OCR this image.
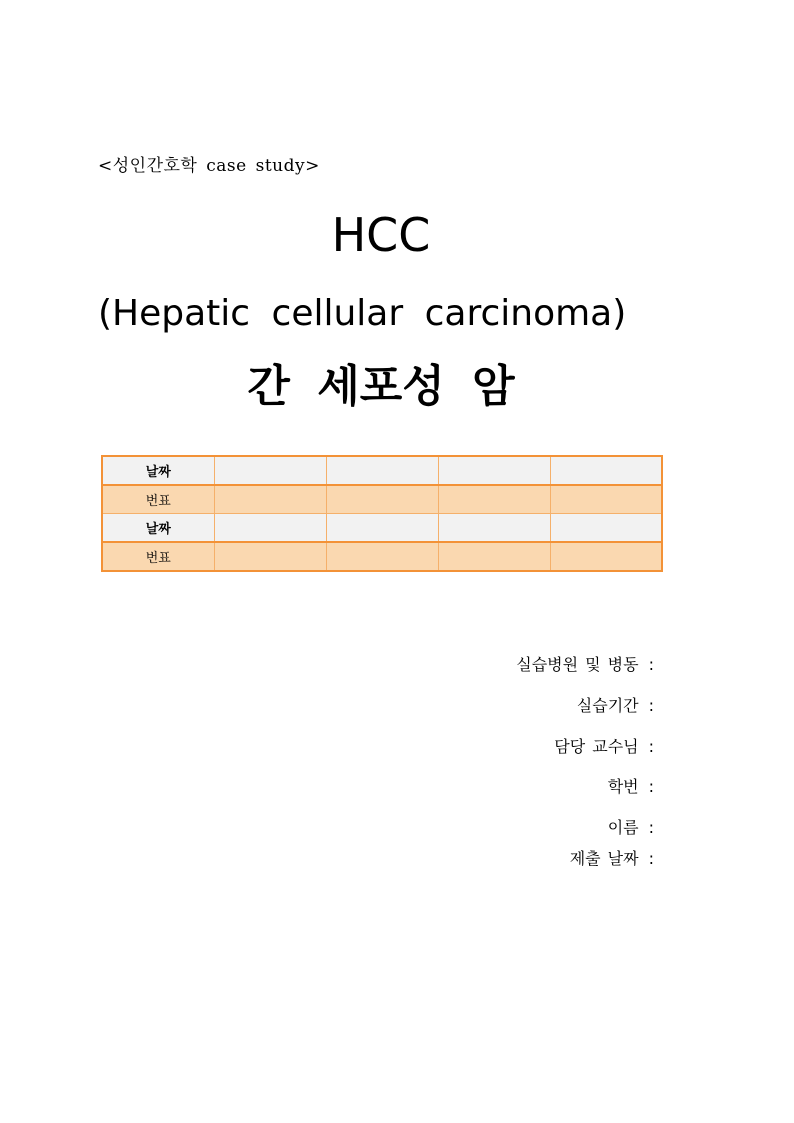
<성인간호학 case study>
HCC
(Hepatic cellular carcinoma)
간 세포성 암
날짜				
번표				
날짜				
번표				
실습병원 및 병동 :
실습기간 :
담당 교수님 :
학번 :
이름 :
제출 날짜 :
